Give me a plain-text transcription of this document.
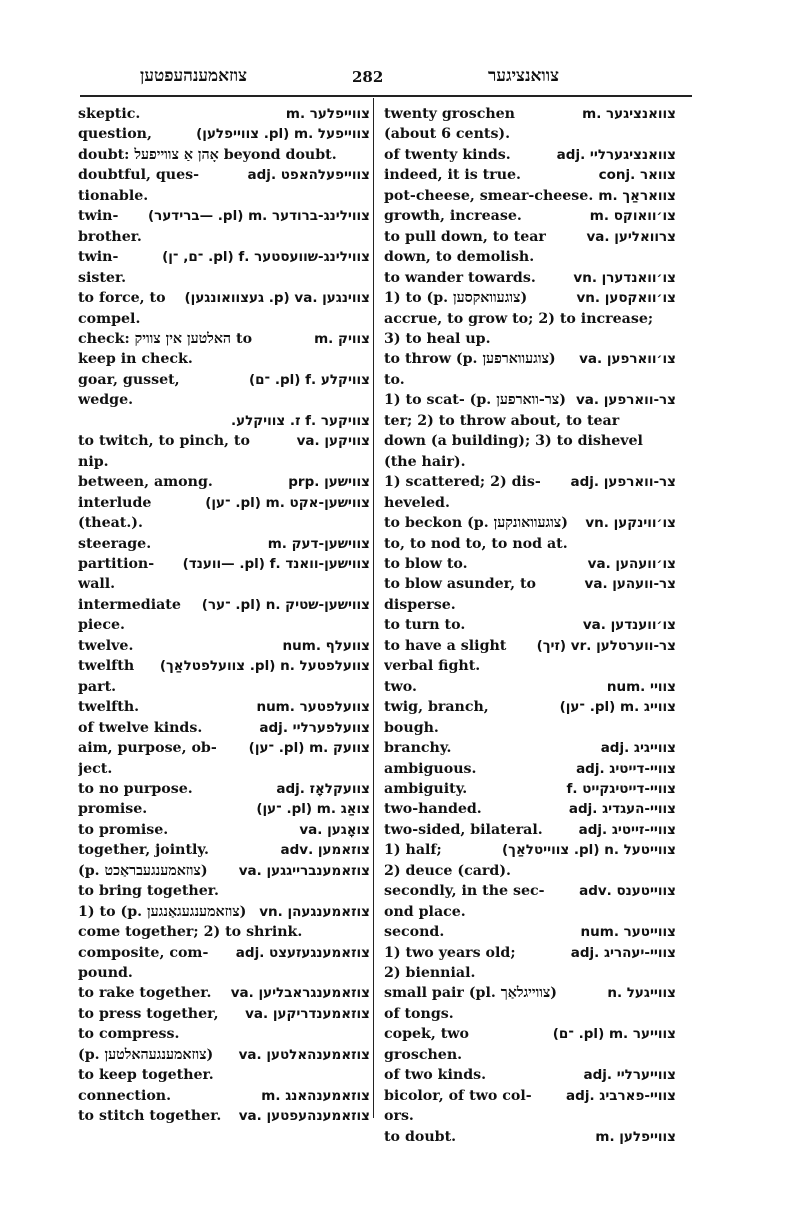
צוזאמענהעפטען	282	צוואנציגער
צווייפלער .m
skeptic.
צווייפעל .m (pl. צווייפלען)
question,
doubt: אָהן אַ צווייפעל beyond doubt.
צווייפעלהאפט .adj
doubtful, ques-
tionable.
צווילינג-ברודער .m (pl. —ברידער)
twin-
brother.
צווילינג-שוועסטער .f (pl. ־ם, ־ן)
twin-
sister.
צווינגען .va (p. געצוואונגען)
to force, to
compel.
צוויק .m
check: האלטען אין צוויק to
keep in check.
צוויקלע .f (pl. ־ם)
goar, gusset,
wedge.
צוויקער .f ז. צוויקלע.
צוויקען .va
to twitch, to pinch, to
nip.
צווישען .prp
between, among.
צווישען-אקט .m (pl. ־ען)
interlude
(theat.).
צווישען-דעק .m
steerage.
צווישען-וואנד .f (pl. —ווענד)
partition-
wall.
צווישען-שטיק .n (pl. ־ער)
intermediate
piece.
צוועלף .num
twelve.
צוועלפטעל .n (pl. צוועלפטלאַך)
twelfth
part.
צוועלפטער .num
twelfth.
צוועלפערליי .adj
of twelve kinds.
צוועק .m (pl. ־ען)
aim, purpose, ob-
ject.
צוועקלאָז .adj
to no purpose.
צואַג .m (pl. ־ען)
promise.
צואָגען .va
to promise.
צוזאמען .adv
together, jointly.
צוזאמענברייגגען .va
(p. צוזאמענגעבראַכט)
to bring together.
צוזאמענגעהן .vn
1) to (p. צוזאמענגעגאַנגען)
come together; 2) to shrink.
צוזאמענגעזעצט .adj
composite, com-
pound.
צוזאמענגראבליען .va
to rake together.
צוזאמענדריקען .va
to press together,
to compress.
צוזאמענהאלטען .va
(p. צוזאמענגעהאלטען)
to keep together.
צוזאמענהאנג .m
connection.
צוזאמענהעפטען .va
to stitch together.
צוואנציגער .m
twenty groschen
(about 6 cents).
צוואנציגערליי .adj
of twenty kinds.
צוואר .conj
indeed, it is true.
צוואראַך .m
pot-cheese, smear-cheese.
צו׳וואוקס .m
growth, increase.
צרוואליען .va
to pull down, to tear
down, to demolish.
צו׳וואנדערן .vn
to wander towards.
צו׳וואקסען .vn
1) to (p. צוגעוואקסען)
accrue, to grow to; 2) to increase;
3) to heal up.
צו׳ווארפען .va
to throw (p. צוגעווארפען)
to.
צר-ווארפען .va
1) to scat- (p. צר-ווארפען)
ter; 2) to throw about, to tear
down (a building); 3) to dishevel
(the hair).
צר-ווארפען .adj
1) scattered; 2) dis-
heveled.
צו׳ווינקען .vn
to beckon (p. צוגעוואונקען)
to, to nod to, to nod at.
צו׳וועהען .va
to blow to.
צר-וועהען .va
to blow asunder, to
disperse.
צו׳ווענדען .va
to turn to.
צר-ווערטלען .vr (זיך)
to have a slight
verbal fight.
צוויי .num
two.
צווייג .m (pl. ־ען)
twig, branch,
bough.
צווייגיג .adj
branchy.
צוויי-דייטיג .adj
ambiguous.
צוויי-דייטיגקייט .f
ambiguity.
צוויי-העגדיג .adj
two-handed.
צוויי-זייטיג .adj
two-sided, bilateral.
צווייטעל .n (pl. צווייטלאַך)
1) half;
2) deuce (card).
צווייטענס .adv
secondly, in the sec-
ond place.
צווייטער .num
second.
צוויי-יעהריג .adj
1) two years old;
2) biennial.
צווייגעל .n
small pair (pl. צווייגלאַך)
of tongs.
צווייער .m (pl. ־ם)
copek, two groschen.
צווייערליי .adj
of two kinds.
צוויי-פארביג .adj
bicolor, of two col-
ors.
צווייפלען .m
to doubt.
